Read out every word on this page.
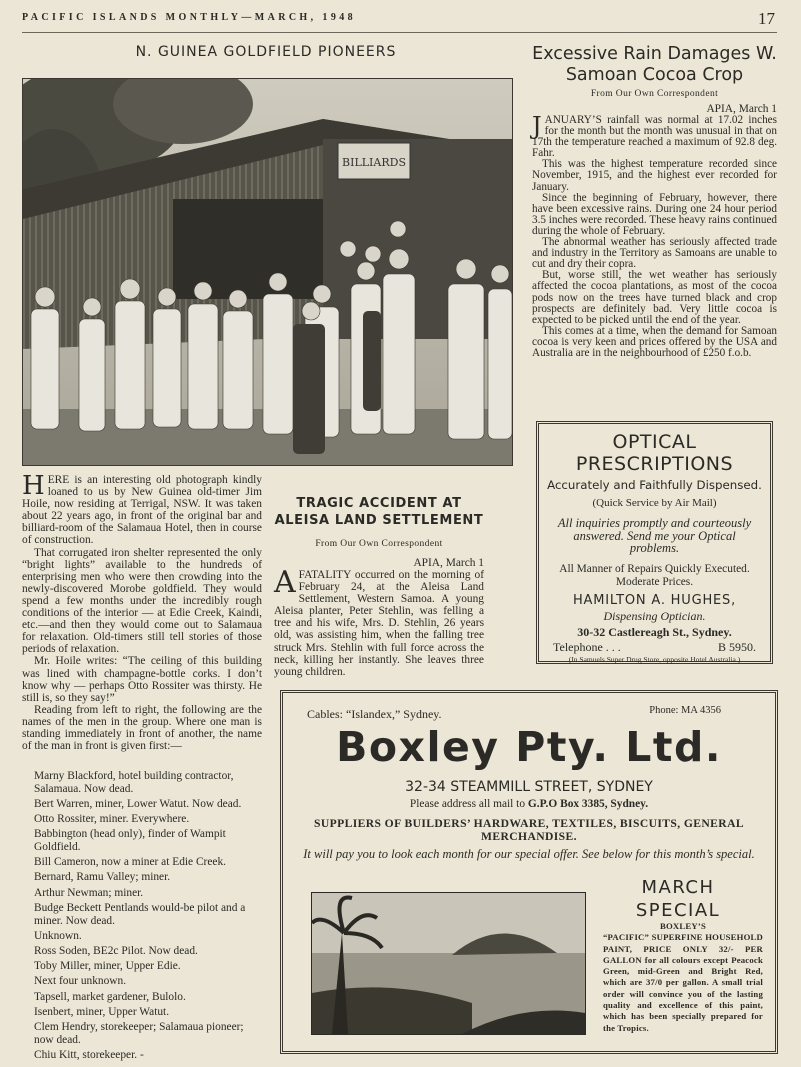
PACIFIC ISLANDS MONTHLY—MARCH, 1948	17
N. GUINEA GOLDFIELD PIONEERS
BILLIARDS

HERE is an interesting old photograph kindly loaned to us by New Guinea old-timer Jim Hoile, now residing at Terrigal, NSW. It was taken about 22 years ago, in front of the original bar and billiard-room of the Salamaua Hotel, then in course of construction.

That corrugated iron shelter represented the only “bright lights” available to the hundreds of enterprising men who were then crowding into the newly-discovered Morobe goldfield. They would spend a few months under the incredibly rough conditions of the interior — at Edie Creek, Kaindi, etc.—and then they would come out to Salamaua for relaxation. Old-timers still tell stories of those periods of relaxation.

Mr. Hoile writes: “The ceiling of this building was lined with champagne-bottle corks. I don’t know why — perhaps Otto Rossiter was thirsty. He still is, so they say!”

Reading from left to right, the following are the names of the men in the group. Where one man is standing immediately in front of another, the name of the man in front is given first:—

Marny Blackford, hotel building contractor, Salamaua. Now dead.
Bert Warren, miner, Lower Watut. Now dead.
Otto Rossiter, miner. Everywhere.
Babbington (head only), finder of Wampit Goldfield.
Bill Cameron, now a miner at Edie Creek.
Bernard, Ramu Valley; miner.
Arthur Newman; miner.
Budge Beckett Pentlands would-be pilot and a miner. Now dead.
Unknown.
Ross Soden, BE2c Pilot. Now dead.
Toby Miller, miner, Upper Edie.
Next four unknown.
Tapsell, market gardener, Bulolo.
Isenbert, miner, Upper Watut.
Clem Hendry, storekeeper; Salamaua pioneer; now dead.
Chiu Kitt, storekeeper. -
TRAGIC ACCIDENT AT ALEISA LAND SETTLEMENT
From Our Own Correspondent
APIA, March 1
A FATALITY occurred on the morning of February 24, at the Aleisa Land Settlement, Western Samoa. A young Aleisa planter, Peter Stehlin, was felling a tree and his wife, Mrs. D. Stehlin, 26 years old, was assisting him, when the falling tree struck Mrs. Stehlin with full force across the neck, killing her instantly. She leaves three young children.
Excessive Rain Damages W. Samoan Cocoa Crop
From Our Own Correspondent
APIA, March 1

JANUARY’S rainfall was normal at 17.02 inches for the month but the month was unusual in that on 17th the temperature reached a maximum of 92.8 deg. Fahr.

This was the highest temperature recorded since November, 1915, and the highest ever recorded for January.

Since the beginning of February, however, there have been excessive rains. During one 24 hour period 3.5 inches were recorded. These heavy rains continued during the whole of February.

The abnormal weather has seriously affected trade and industry in the Territory as Samoans are unable to cut and dry their copra.

But, worse still, the wet weather has seriously affected the cocoa plantations, as most of the cocoa pods now on the trees have turned black and crop prospects are definitely bad. Very little cocoa is expected to be picked until the end of the year.

This comes at a time, when the demand for Samoan cocoa is very keen and prices offered by the USA and Australia are in the neighbourhood of £250 f.o.b.

OPTICAL
PRESCRIPTIONS
Accurately and Faithfully Dispensed.
(Quick Service by Air Mail)
All inquiries promptly and courteously answered. Send me your Optical problems.
All Manner of Repairs Quickly Executed. Moderate Prices.
HAMILTON A. HUGHES,
Dispensing Optician.
30-32 Castlereagh St., Sydney.
Telephone . . .	B 5950.
(In Samuels Super Drug Store, opposite Hotel Australia.)
Cables: “Islandex,” Sydney.	Phone: MA 4356
Boxley Pty. Ltd.
32-34 STEAMMILL STREET, SYDNEY
Please address all mail to G.P.O Box 3385, Sydney.
SUPPLIERS OF BUILDERS’ HARDWARE, TEXTILES, BISCUITS, GENERAL MERCHANDISE.
It will pay you to look each month for our special offer. See below for this month’s special.
MARCH
SPECIAL
BOXLEY’S
“PACIFIC” SUPERFINE HOUSEHOLD PAINT, PRICE ONLY 32/- PER GALLON for all colours except Peacock Green, mid-Green and Bright Red, which are 37/0 per gallon. A small trial order will convince you of the lasting quality and excellence of this paint, which has been specially prepared for the Tropics.
